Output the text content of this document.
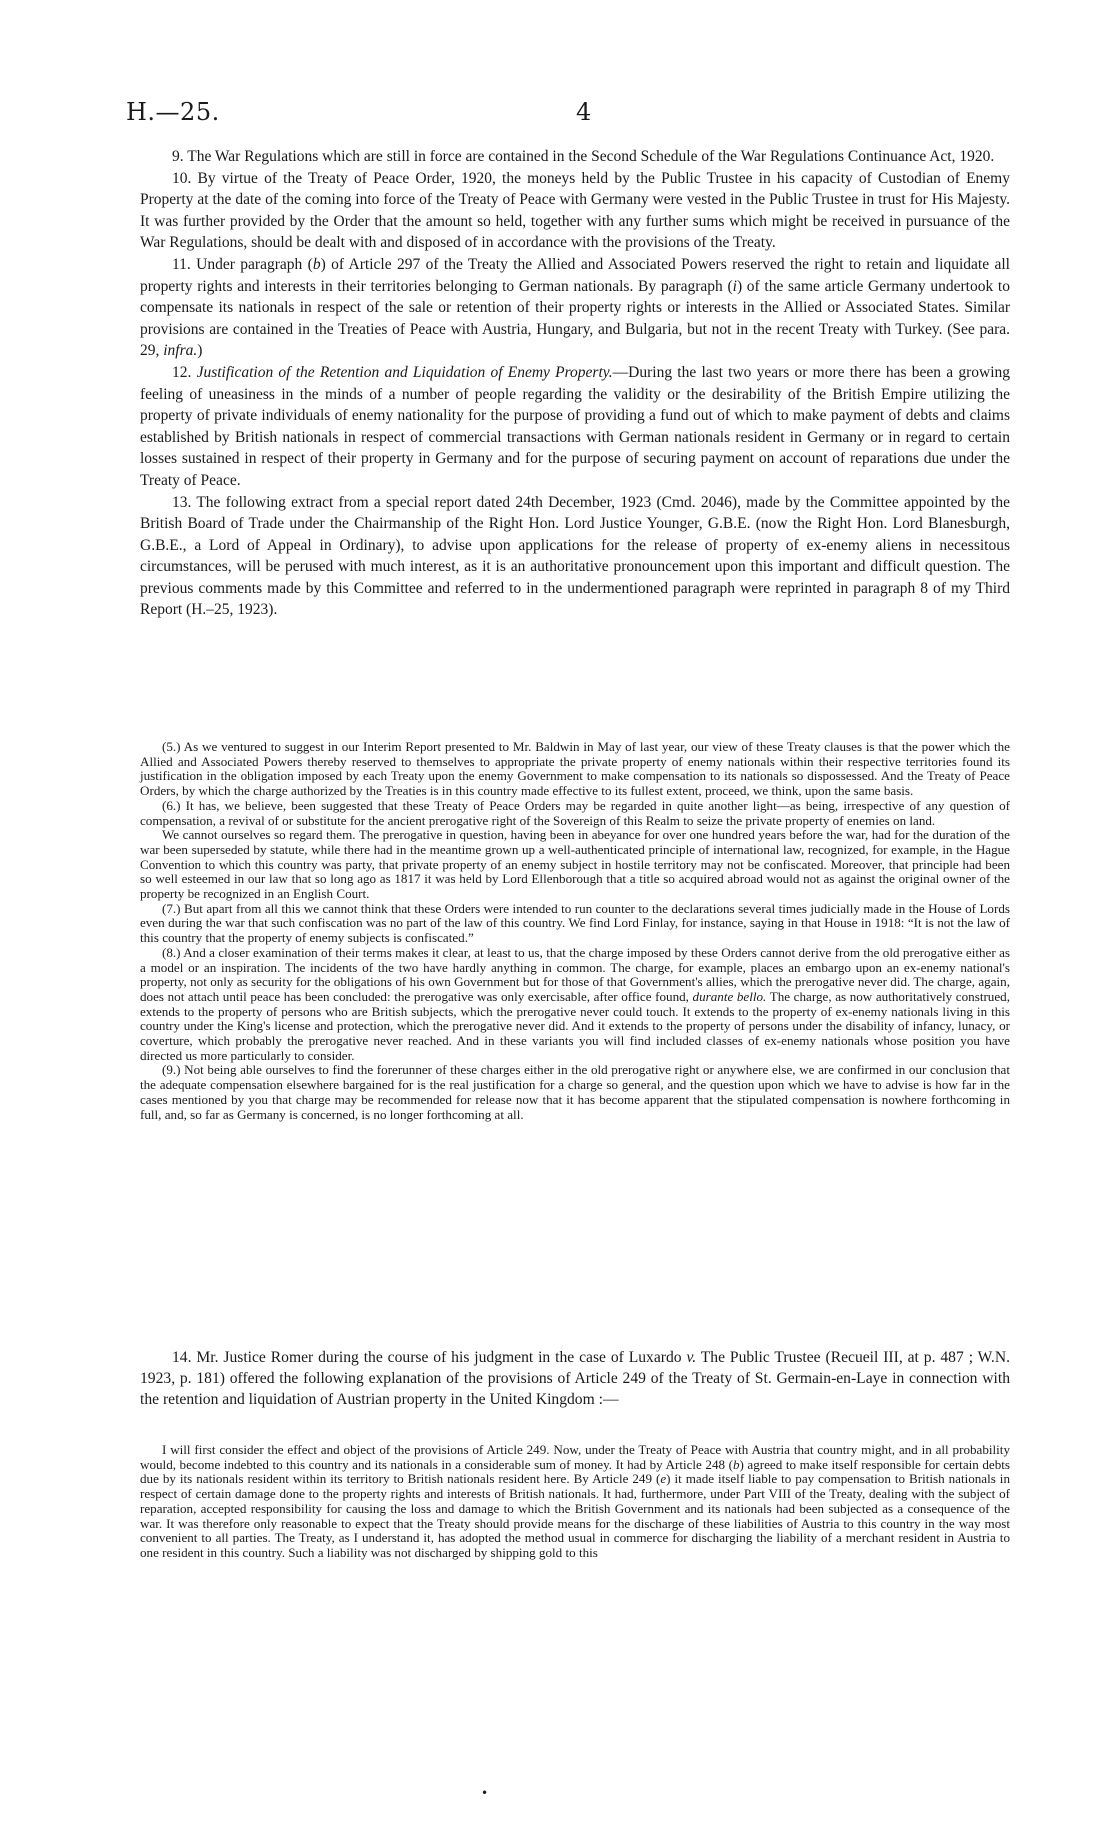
H.—25.	4

9. The War Regulations which are still in force are contained in the Second Schedule of the War Regulations Continuance Act, 1920.

10. By virtue of the Treaty of Peace Order, 1920, the moneys held by the Public Trustee in his capacity of Custodian of Enemy Property at the date of the coming into force of the Treaty of Peace with Germany were vested in the Public Trustee in trust for His Majesty. It was further provided by the Order that the amount so held, together with any further sums which might be received in pursuance of the War Regulations, should be dealt with and disposed of in accordance with the provisions of the Treaty.

11. Under paragraph (b) of Article 297 of the Treaty the Allied and Associated Powers reserved the right to retain and liquidate all property rights and interests in their territories belonging to German nationals. By paragraph (i) of the same article Germany undertook to compensate its nationals in respect of the sale or retention of their property rights or interests in the Allied or Associated States. Similar provisions are contained in the Treaties of Peace with Austria, Hungary, and Bulgaria, but not in the recent Treaty with Turkey. (See para. 29, infra.)

12. Justification of the Retention and Liquidation of Enemy Property.—During the last two years or more there has been a growing feeling of uneasiness in the minds of a number of people regarding the validity or the desirability of the British Empire utilizing the property of private individuals of enemy nationality for the purpose of providing a fund out of which to make payment of debts and claims established by British nationals in respect of commercial transactions with German nationals resident in Germany or in regard to certain losses sustained in respect of their property in Germany and for the purpose of securing payment on account of reparations due under the Treaty of Peace.

13. The following extract from a special report dated 24th December, 1923 (Cmd. 2046), made by the Committee appointed by the British Board of Trade under the Chairmanship of the Right Hon. Lord Justice Younger, G.B.E. (now the Right Hon. Lord Blanesburgh, G.B.E., a Lord of Appeal in Ordinary), to advise upon applications for the release of property of ex-enemy aliens in necessitous circumstances, will be perused with much interest, as it is an authoritative pronouncement upon this important and difficult question. The previous comments made by this Committee and referred to in the undermentioned paragraph were reprinted in paragraph 8 of my Third Report (H.–25, 1923).

(5.) As we ventured to suggest in our Interim Report presented to Mr. Baldwin in May of last year, our view of these Treaty clauses is that the power which the Allied and Associated Powers thereby reserved to themselves to appropriate the private property of enemy nationals within their respective territories found its justification in the obligation imposed by each Treaty upon the enemy Government to make compensation to its nationals so dispossessed. And the Treaty of Peace Orders, by which the charge authorized by the Treaties is in this country made effective to its fullest extent, proceed, we think, upon the same basis.

(6.) It has, we believe, been suggested that these Treaty of Peace Orders may be regarded in quite another light—as being, irrespective of any question of compensation, a revival of or substitute for the ancient prerogative right of the Sovereign of this Realm to seize the private property of enemies on land.

We cannot ourselves so regard them. The prerogative in question, having been in abeyance for over one hundred years before the war, had for the duration of the war been superseded by statute, while there had in the meantime grown up a well-authenticated principle of international law, recognized, for example, in the Hague Convention to which this country was party, that private property of an enemy subject in hostile territory may not be confiscated. Moreover, that principle had been so well esteemed in our law that so long ago as 1817 it was held by Lord Ellenborough that a title so acquired abroad would not as against the original owner of the property be recognized in an English Court.

(7.) But apart from all this we cannot think that these Orders were intended to run counter to the declarations several times judicially made in the House of Lords even during the war that such confiscation was no part of the law of this country. We find Lord Finlay, for instance, saying in that House in 1918: “It is not the law of this country that the property of enemy subjects is confiscated.”

(8.) And a closer examination of their terms makes it clear, at least to us, that the charge imposed by these Orders cannot derive from the old prerogative either as a model or an inspiration. The incidents of the two have hardly anything in common. The charge, for example, places an embargo upon an ex-enemy national's property, not only as security for the obligations of his own Government but for those of that Government's allies, which the prerogative never did. The charge, again, does not attach until peace has been concluded: the prerogative was only exercisable, after office found, durante bello. The charge, as now authoritatively construed, extends to the property of persons who are British subjects, which the prerogative never could touch. It extends to the property of ex-enemy nationals living in this country under the King's license and protection, which the prerogative never did. And it extends to the property of persons under the disability of infancy, lunacy, or coverture, which probably the prerogative never reached. And in these variants you will find included classes of ex-enemy nationals whose position you have directed us more particularly to consider.

(9.) Not being able ourselves to find the forerunner of these charges either in the old prerogative right or anywhere else, we are confirmed in our conclusion that the adequate compensation elsewhere bargained for is the real justification for a charge so general, and the question upon which we have to advise is how far in the cases mentioned by you that charge may be recommended for release now that it has become apparent that the stipulated compensation is nowhere forthcoming in full, and, so far as Germany is concerned, is no longer forthcoming at all.

14. Mr. Justice Romer during the course of his judgment in the case of Luxardo v. The Public Trustee (Recueil III, at p. 487 ; W.N. 1923, p. 181) offered the following explanation of the provisions of Article 249 of the Treaty of St. Germain-en-Laye in connection with the retention and liquidation of Austrian property in the United Kingdom :—

I will first consider the effect and object of the provisions of Article 249. Now, under the Treaty of Peace with Austria that country might, and in all probability would, become indebted to this country and its nationals in a considerable sum of money. It had by Article 248 (b) agreed to make itself responsible for certain debts due by its nationals resident within its territory to British nationals resident here. By Article 249 (e) it made itself liable to pay compensation to British nationals in respect of certain damage done to the property rights and interests of British nationals. It had, furthermore, under Part VIII of the Treaty, dealing with the subject of reparation, accepted responsibility for causing the loss and damage to which the British Government and its nationals had been subjected as a consequence of the war. It was therefore only reasonable to expect that the Treaty should provide means for the discharge of these liabilities of Austria to this country in the way most convenient to all parties. The Treaty, as I understand it, has adopted the method usual in commerce for discharging the liability of a merchant resident in Austria to one resident in this country. Such a liability was not discharged by shipping gold to this

•
